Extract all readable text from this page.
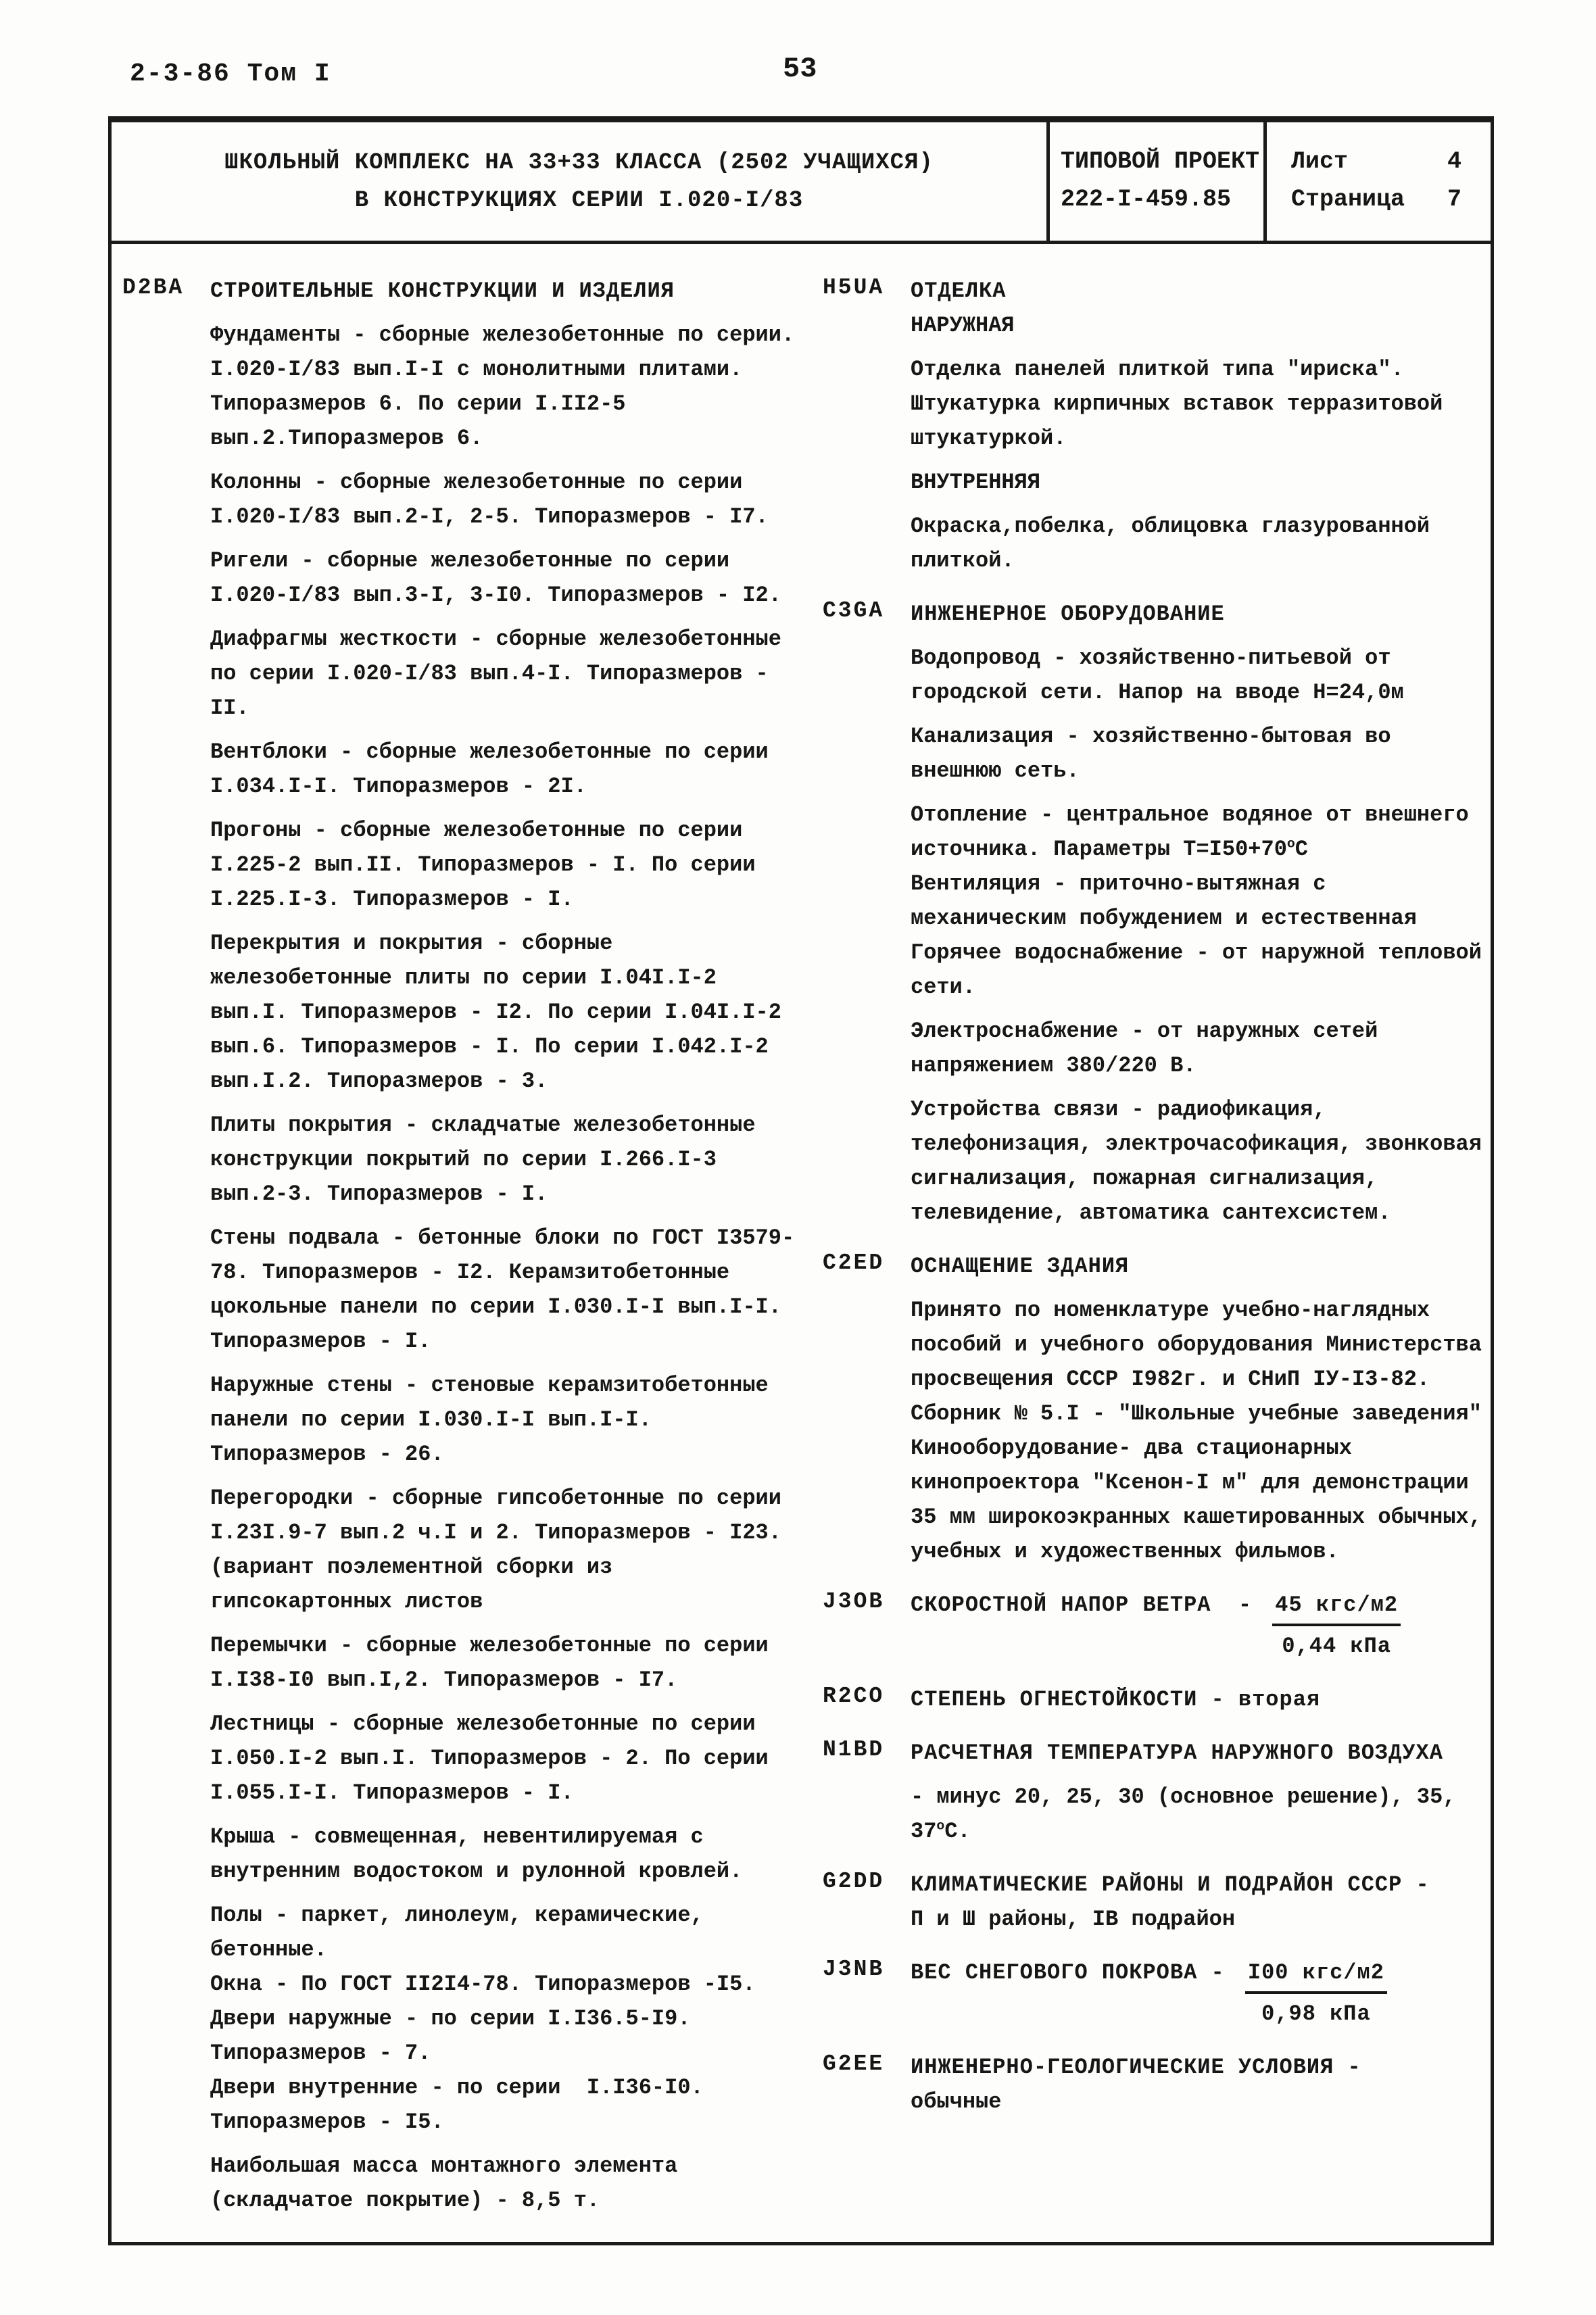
2-3-86 Том I	53
ШКОЛЬНЫЙ КОМПЛЕКС НА 33+33 КЛАССА (2502 УЧАЩИХСЯ)
В КОНСТРУКЦИЯХ СЕРИИ I.020-I/83
ТИПОВОЙ ПРОЕКТ
222-I-459.85
Лист	4
Страница 7
D2BA	СТРОИТЕЛЬНЫЕ КОНСТРУКЦИИ И ИЗДЕЛИЯ
Фундаменты - сборные железобетонные по серии. I.020-I/83 вып.I-I с монолитными плитами. Типоразмеров 6. По серии I.II2-5 вып.2.Типоразмеров 6.
Колонны - сборные железобетонные по серии I.020-I/83 вып.2-I, 2-5. Типоразмеров - I7.
Ригели - сборные железобетонные по серии I.020-I/83 вып.3-I, 3-I0. Типоразмеров - I2.
Диафрагмы жесткости - сборные железобетонные по серии I.020-I/83 вып.4-I. Типоразмеров - II.
Вентблоки - сборные железобетонные по серии I.034.I-I. Типоразмеров - 2I.
Прогоны - сборные железобетонные по серии I.225-2 вып.II. Типоразмеров - I. По серии I.225.I-3. Типоразмеров - I.
Перекрытия и покрытия - сборные железобетонные плиты по серии I.04I.I-2 вып.I. Типоразмеров - I2. По серии I.04I.I-2 вып.6. Типоразмеров - I. По серии I.042.I-2 вып.I.2. Типоразмеров - 3.
Плиты покрытия - складчатые железобетонные конструкции покрытий по серии I.266.I-3 вып.2-3. Типоразмеров - I.
Стены подвала - бетонные блоки по ГОСТ I3579-78. Типоразмеров - I2. Керамзитобетонные цокольные панели по серии I.030.I-I вып.I-I. Типоразмеров - I.
Наружные стены - стеновые керамзитобетонные панели по серии I.030.I-I вып.I-I. Типоразмеров - 26.
Перегородки - сборные гипсобетонные по серии I.23I.9-7 вып.2 ч.I и 2. Типоразмеров - I23. (вариант поэлементной сборки из гипсокартонных листов
Перемычки - сборные железобетонные по серии I.I38-I0 вып.I,2. Типоразмеров - I7.
Лестницы - сборные железобетонные по серии I.050.I-2 вып.I. Типоразмеров - 2. По серии I.055.I-I. Типоразмеров - I.
Крыша - совмещенная, невентилируемая с внутренним водостоком и рулонной кровлей.
Полы - паркет, линолеум, керамические, бетонные.
Окна - По ГОСТ II2I4-78. Типоразмеров -I5.
Двери наружные - по серии I.I36.5-I9. Типоразмеров - 7.
Двери внутренние - по серии  I.I36-I0. Типоразмеров - I5.
Наибольшая масса монтажного элемента (складчатое покрытие) - 8,5 т.
Н5UA	ОТДЕЛКА
НАРУЖНАЯ
Отделка панелей плиткой типа "ириска". Штукатурка кирпичных вставок терразитовой штукатуркой.
ВНУТРЕННЯЯ
Окраска,побелка, облицовка глазурованной плиткой.
C3GA	ИНЖЕНЕРНОЕ ОБОРУДОВАНИЕ
Водопровод - хозяйственно-питьевой от городской сети. Напор на вводе Н=24,0м
Канализация - хозяйственно-бытовая во внешнюю сеть.
Отопление - центральное водяное от внешнего источника. Параметры $Т=I50+70^оС$
Вентиляция - приточно-вытяжная с механическим побуждением и естественная
Горячее водоснабжение - от наружной тепловой сети.
Электроснабжение - от наружных сетей напряжением 380/220 В.
Устройства связи - радиофикация, телефонизация, электрочасофикация, звонковая сигнализация, пожарная сигнализация, телевидение, автоматика сантехсистем.
C2ED	ОСНАЩЕНИЕ ЗДАНИЯ
Принято по номенклатуре учебно-наглядных пособий и учебного оборудования Министерства просвещения СССР I982г. и СНиП IУ-I3-82. Сборник № 5.I - "Школьные учебные заведения"
Кинооборудование- два стационарных кинопроектора "Ксенон-I м" для демонстрации 35 мм широкоэкранных кашетированных обычных, учебных и художественных фильмов.
J3OB	СКОРОСТНОЙ НАПОР ВЕТРА  - $\frac{\text{45 кгс/м2}}{\text{0,44 кПа}}$
R2CO	СТЕПЕНЬ ОГНЕСТОЙКОСТИ - вторая
N1BD	РАСЧЕТНАЯ ТЕМПЕРАТУРА НАРУЖНОГО ВОЗДУХА
- минус 20, 25, 30 (основное решение), 35, $37^оС$.
G2DD	КЛИМАТИЧЕСКИЕ РАЙОНЫ И ПОДРАЙОН СССР -
П и Ш районы, IВ подрайон
J3NB	ВЕС СНЕГОВОГО ПОКРОВА - $\frac{\text{I00 кгс/м2}}{\text{0,98 кПа}}$
G2EE	ИНЖЕНЕРНО-ГЕОЛОГИЧЕСКИЕ УСЛОВИЯ -
обычные
